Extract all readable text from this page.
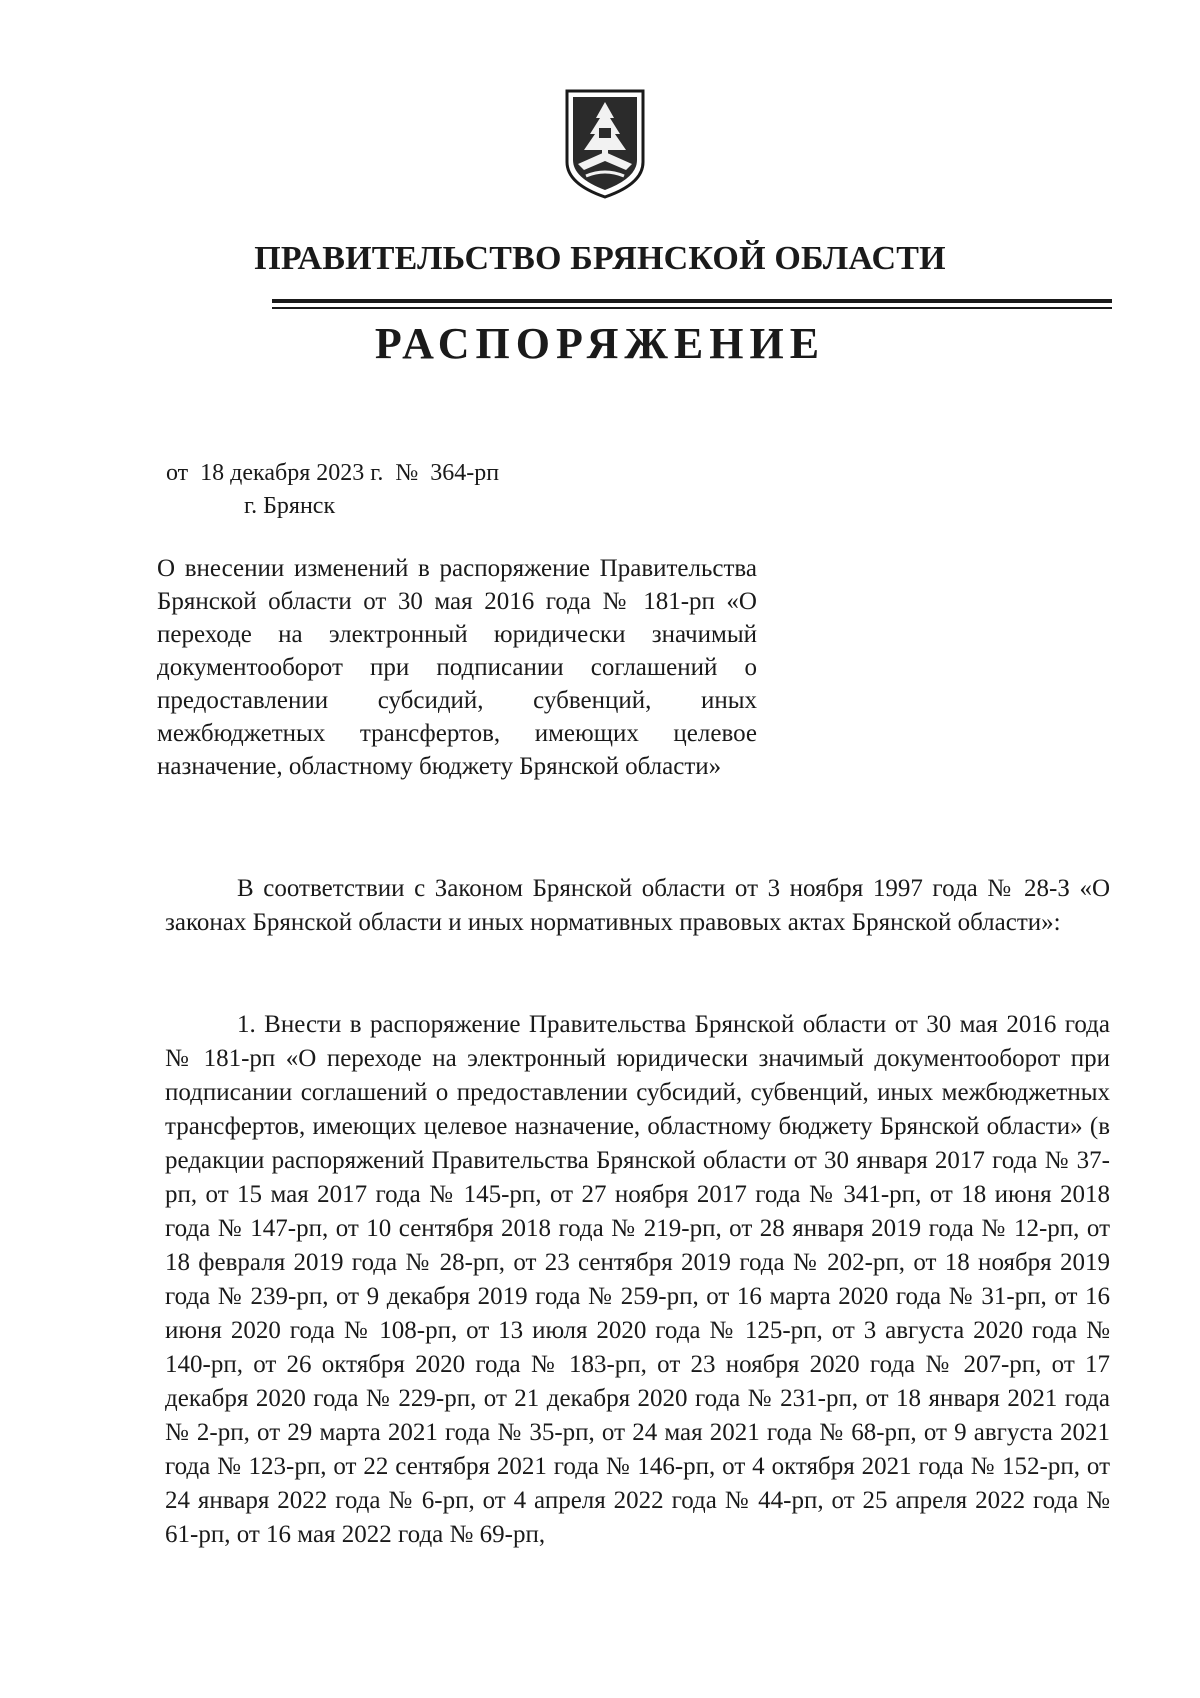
ПРАВИТЕЛЬСТВО БРЯНСКОЙ ОБЛАСТИ
РАСПОРЯЖЕНИЕ
от  18 декабря 2023 г.  №  364-рп
г. Брянск
О внесении изменений в распоряжение Правительства Брянской области от 30 мая 2016 года № 181-рп «О переходе на электронный юридически значимый документооборот при подписании соглашений о предоставлении субсидий, субвенций, иных межбюджетных трансфертов, имеющих целевое назначение, областному бюджету Брянской области»
В соответствии с Законом Брянской области от 3 ноября 1997 года № 28-З «О законах Брянской области и иных нормативных правовых актах Брянской области»:
1. Внести в распоряжение Правительства Брянской области от 30 мая 2016 года № 181-рп «О переходе на электронный юридически значимый документооборот при подписании соглашений о предоставлении субсидий, субвенций, иных межбюджетных трансфертов, имеющих целевое назначение, областному бюджету Брянской области» (в редакции распоряжений Правительства Брянской области от 30 января 2017 года № 37-рп, от 15 мая 2017 года № 145-рп, от 27 ноября 2017 года № 341-рп, от 18 июня 2018 года № 147-рп, от 10 сентября 2018 года № 219-рп, от 28 января 2019 года № 12-рп, от 18 февраля 2019 года № 28-рп, от 23 сентября 2019 года № 202-рп, от 18 ноября 2019 года № 239-рп, от 9 декабря 2019 года № 259-рп, от 16 марта 2020 года № 31-рп, от 16 июня 2020 года № 108-рп, от 13 июля 2020 года № 125-рп, от 3 августа 2020 года № 140-рп, от 26 октября 2020 года № 183-рп, от 23 ноября 2020 года № 207-рп, от 17 декабря 2020 года № 229-рп, от 21 декабря 2020 года № 231-рп, от 18 января 2021 года № 2-рп, от 29 марта 2021 года № 35-рп, от 24 мая 2021 года № 68-рп, от 9 августа 2021 года № 123-рп, от 22 сентября 2021 года № 146-рп, от 4 октября 2021 года № 152-рп, от 24 января 2022 года № 6-рп, от 4 апреля 2022 года № 44-рп, от 25 апреля 2022 года № 61-рп, от 16 мая 2022 года № 69-рп,
